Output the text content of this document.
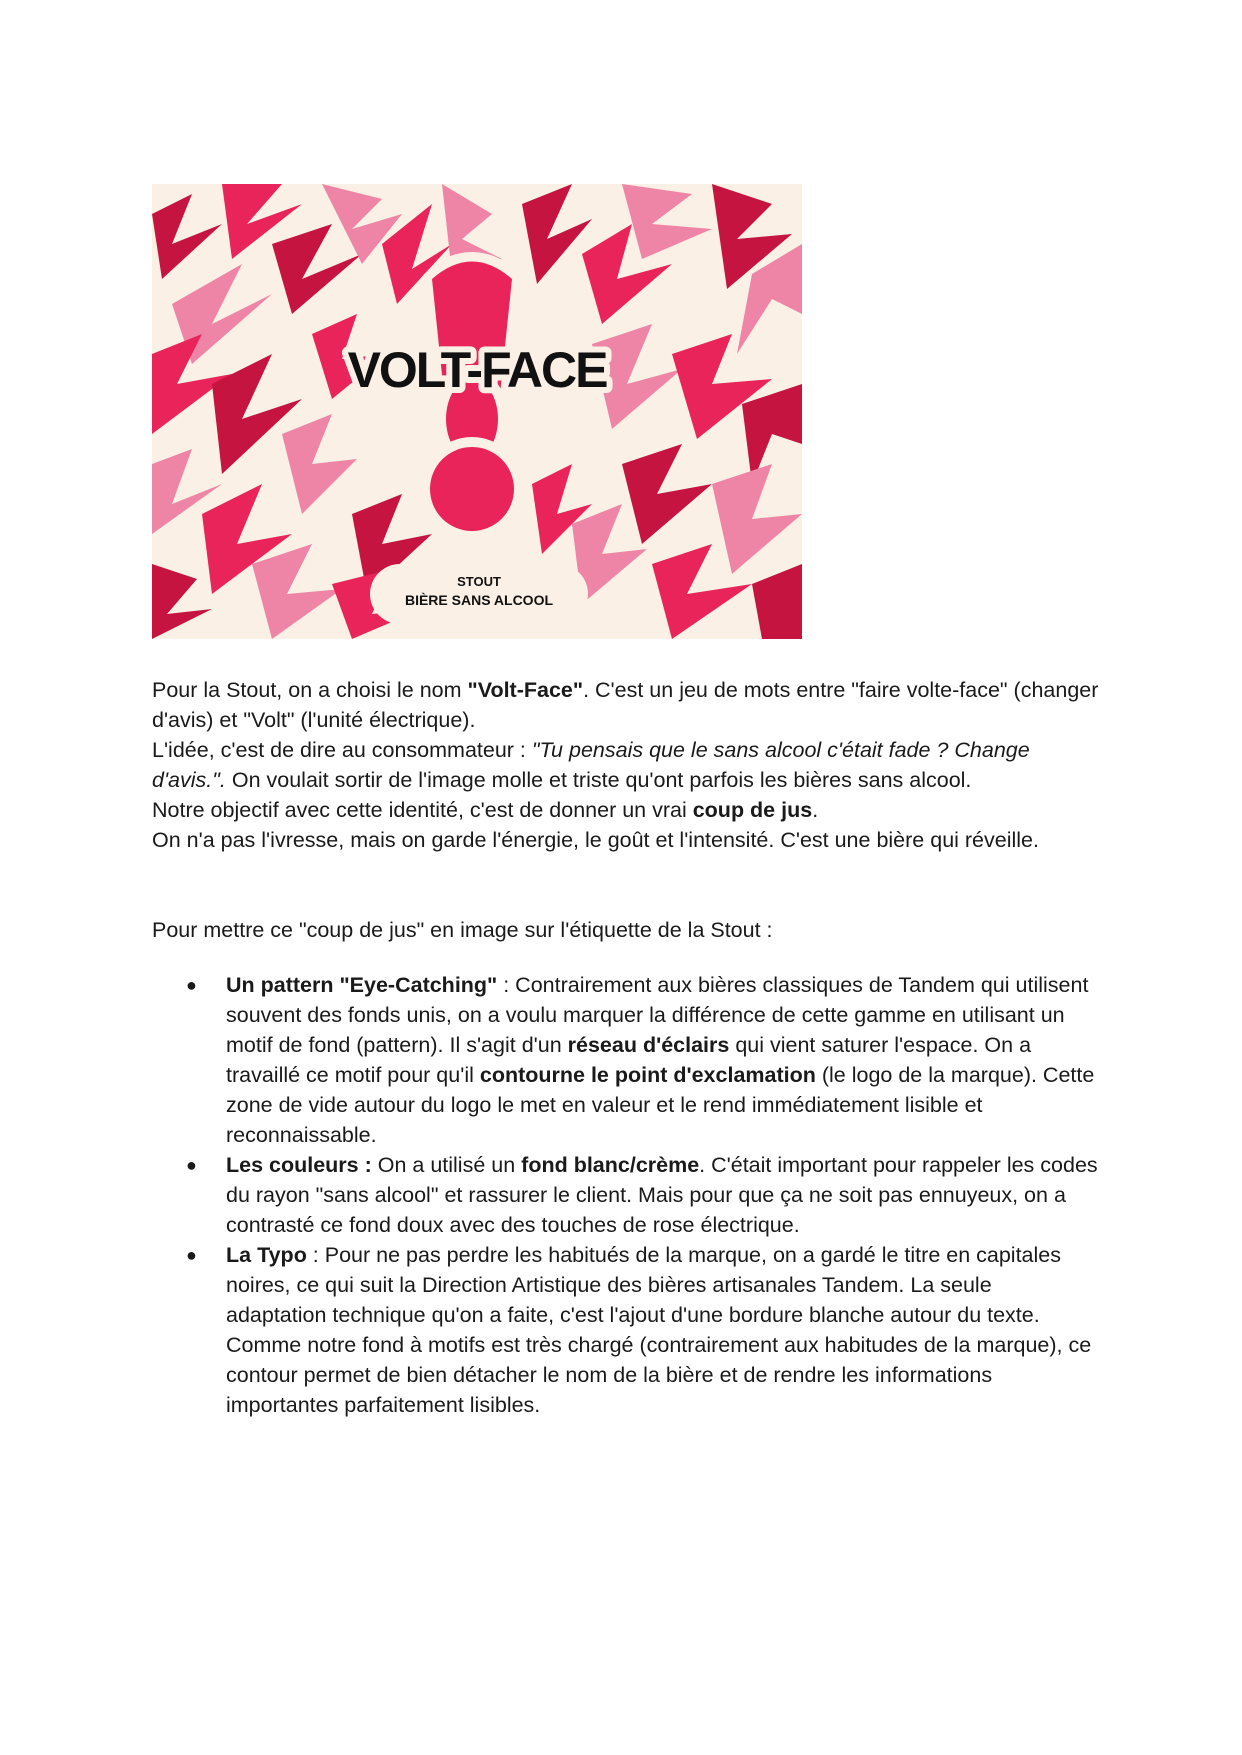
VOLT-FACE
STOUT
BIÈRE SANS ALCOOL

Pour la Stout, on a choisi le nom "Volt-Face". C'est un jeu de mots entre "faire volte-face" (changer d'avis) et "Volt" (l'unité électrique).

L'idée, c'est de dire au consommateur : "Tu pensais que le sans alcool c'était fade ? Change d'avis.". On voulait sortir de l'image molle et triste qu'ont parfois les bières sans alcool.

Notre objectif avec cette identité, c'est de donner un vrai coup de jus.

On n'a pas l'ivresse, mais on garde l'énergie, le goût et l'intensité. C'est une bière qui réveille.

Pour mettre ce "coup de jus" en image sur l'étiquette de la Stout :
● Un pattern "Eye-Catching" : Contrairement aux bières classiques de Tandem qui utilisent souvent des fonds unis, on a voulu marquer la différence de cette gamme en utilisant un motif de fond (pattern). Il s'agit d'un réseau d'éclairs qui vient saturer l'espace. On a travaillé ce motif pour qu'il contourne le point d'exclamation (le logo de la marque). Cette zone de vide autour du logo le met en valeur et le rend immédiatement lisible et reconnaissable.
● Les couleurs : On a utilisé un fond blanc/crème. C'était important pour rappeler les codes du rayon "sans alcool" et rassurer le client. Mais pour que ça ne soit pas ennuyeux, on a contrasté ce fond doux avec des touches de rose électrique.
● La Typo : Pour ne pas perdre les habitués de la marque, on a gardé le titre en capitales noires, ce qui suit la Direction Artistique des bières artisanales Tandem. La seule adaptation technique qu'on a faite, c'est l'ajout d'une bordure blanche autour du texte. Comme notre fond à motifs est très chargé (contrairement aux habitudes de la marque), ce contour permet de bien détacher le nom de la bière et de rendre les informations importantes parfaitement lisibles.
